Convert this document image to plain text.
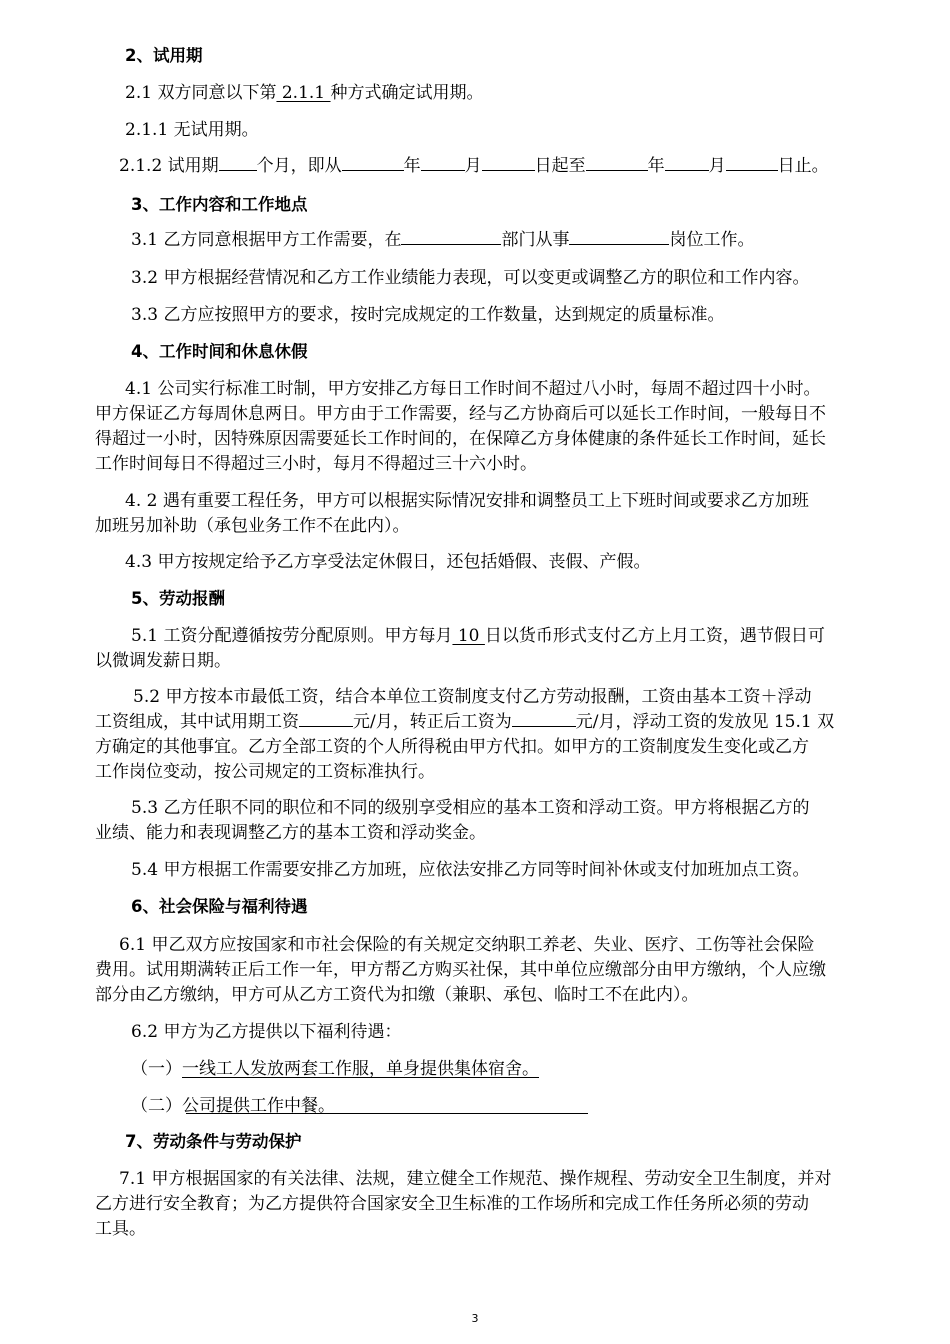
2、试用期
2.1 双方同意以下第 2.1.1 种方式确定试用期。
2.1.1 无试用期。
2.1.2 试用期 个月，即从	年	月	日起至	年	月	日止。
3、工作内容和工作地点
3.1 乙方同意根据甲方工作需要，在	部门从事	岗位工作。
3.2 甲方根据经营情况和乙方工作业绩能力表现，可以变更或调整乙方的职位和工作内容。
3.3 乙方应按照甲方的要求，按时完成规定的工作数量，达到规定的质量标准。
4、工作时间和休息休假
4.1 公司实行标准工时制，甲方安排乙方每日工作时间不超过八小时，每周不超过四十小时。
甲方保证乙方每周休息两日。甲方由于工作需要，经与乙方协商后可以延长工作时间，一般每日不
得超过一小时，因特殊原因需要延长工作时间的，在保障乙方身体健康的条件延长工作时间，延长
工作时间每日不得超过三小时，每月不得超过三十六小时。
4. 2 遇有重要工程任务，甲方可以根据实际情况安排和调整员工上下班时间或要求乙方加班
加班另加补助（承包业务工作不在此内）。
4.3 甲方按规定给予乙方享受法定休假日，还包括婚假、丧假、产假。
5、劳动报酬
5.1 工资分配遵循按劳分配原则。甲方每月 10 日以货币形式支付乙方上月工资，遇节假日可
以微调发薪日期。
5.2 甲方按本市最低工资，结合本单位工资制度支付乙方劳动报酬，工资由基本工资＋浮动
工资组成，其中试用期工资	元/月，转正后工资为	元/月，浮动工资的发放见 15.1 双
方确定的其他事宜。乙方全部工资的个人所得税由甲方代扣。如甲方的工资制度发生变化或乙方
工作岗位变动，按公司规定的工资标准执行。
5.3 乙方任职不同的职位和不同的级别享受相应的基本工资和浮动工资。甲方将根据乙方的
业绩、能力和表现调整乙方的基本工资和浮动奖金。
5.4 甲方根据工作需要安排乙方加班，应依法安排乙方同等时间补休或支付加班加点工资。
6、社会保险与福利待遇
6.1 甲乙双方应按国家和市社会保险的有关规定交纳职工养老、失业、医疗、工伤等社会保险
费用。试用期满转正后工作一年，甲方帮乙方购买社保，其中单位应缴部分由甲方缴纳，个人应缴
部分由乙方缴纳，甲方可从乙方工资代为扣缴（兼职、承包、临时工不在此内）。
6.2 甲方为乙方提供以下福利待遇：
（一）一线工人发放两套工作服，单身提供集体宿舍。
（二）公司提供工作中餐。
7、劳动条件与劳动保护
7.1 甲方根据国家的有关法律、法规，建立健全工作规范、操作规程、劳动安全卫生制度，并对
乙方进行安全教育；为乙方提供符合国家安全卫生标准的工作场所和完成工作任务所必须的劳动
工具。
3
